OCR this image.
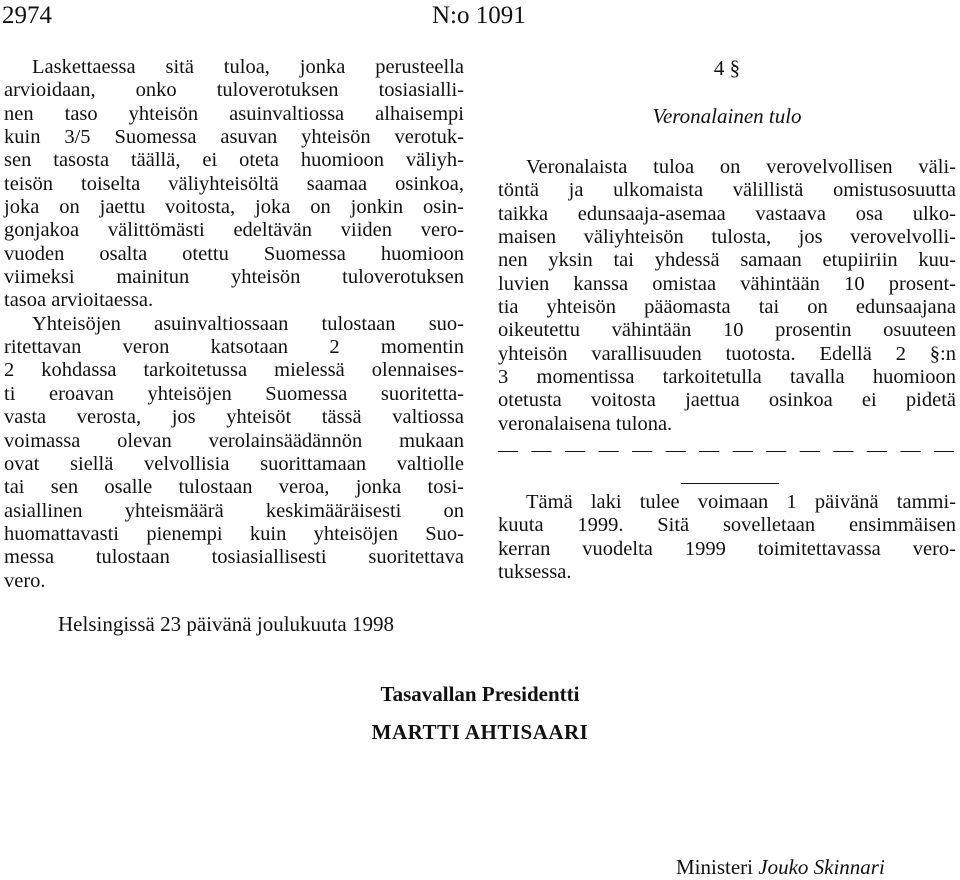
2974	N:o 1091
Laskettaessa sitä tuloa, jonka perusteella
arvioidaan, onko tuloverotuksen tosiasialli-
nen taso yhteisön asuinvaltiossa alhaisempi
kuin 3/5 Suomessa asuvan yhteisön verotuk-
sen tasosta täällä, ei oteta huomioon väliyh-
teisön toiselta väliyhteisöltä saamaa osinkoa,
joka on jaettu voitosta, joka on jonkin osin-
gonjakoa välittömästi edeltävän viiden vero-
vuoden osalta otettu Suomessa huomioon
viimeksi mainitun yhteisön tuloverotuksen
tasoa arvioitaessa.
Yhteisöjen asuinvaltiossaan tulostaan suo-
ritettavan veron katsotaan 2 momentin
2 kohdassa tarkoitetussa mielessä olennaises-
ti eroavan yhteisöjen Suomessa suoritetta-
vasta verosta, jos yhteisöt tässä valtiossa
voimassa olevan verolainsäädännön mukaan
ovat siellä velvollisia suorittamaan valtiolle
tai sen osalle tulostaan veroa, jonka tosi-
asiallinen yhteismäärä keskimääräisesti on
huomattavasti pienempi kuin yhteisöjen Suo-
messa tulostaan tosiasiallisesti suoritettava
vero.
4 §
Veronalainen tulo
Veronalaista tuloa on verovelvollisen väli-
töntä ja ulkomaista välillistä omistusosuutta
taikka edunsaaja-asemaa vastaava osa ulko-
maisen väliyhteisön tulosta, jos verovelvolli-
nen yksin tai yhdessä samaan etupiiriin kuu-
luvien kanssa omistaa vähintään 10 prosent-
tia yhteisön pääomasta tai on edunsaajana
oikeutettu vähintään 10 prosentin osuuteen
yhteisön varallisuuden tuotosta. Edellä 2 §:n
3 momentissa tarkoitetulla tavalla huomioon
otetusta voitosta jaettua osinkoa ei pidetä
veronalaisena tulona.
— — — — — — — — — — — — — —
Tämä laki tulee voimaan 1 päivänä tammi-
kuuta 1999. Sitä sovelletaan ensimmäisen
kerran vuodelta 1999 toimitettavassa vero-
tuksessa.
Helsingissä 23 päivänä joulukuuta 1998
Tasavallan Presidentti
MARTTI AHTISAARI
Ministeri Jouko Skinnari
